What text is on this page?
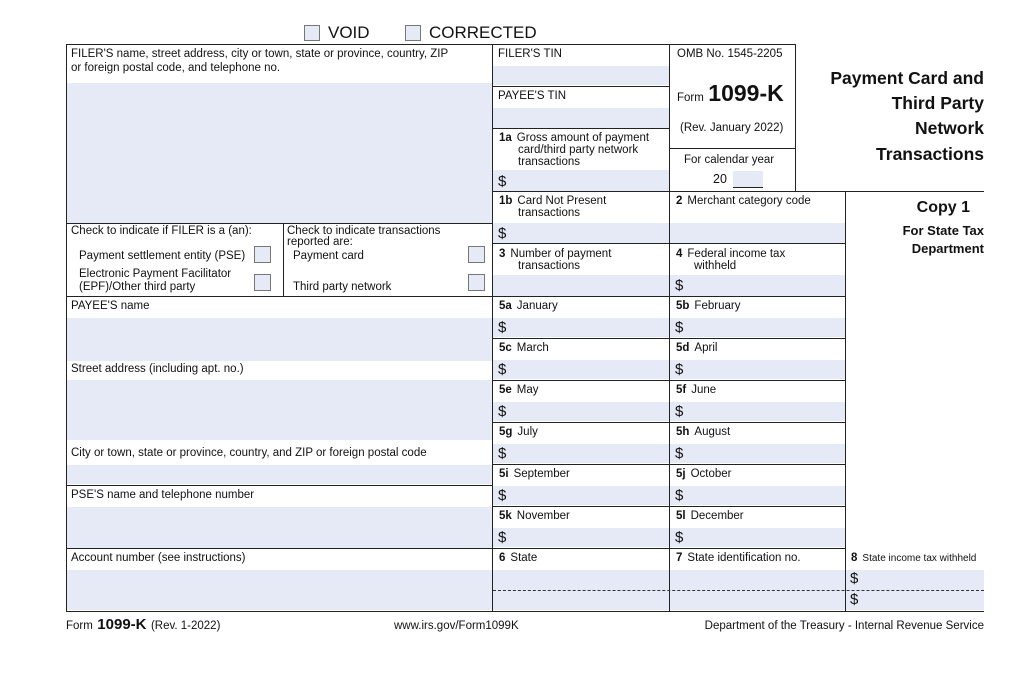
VOID	CORRECTED
FILER'S name, street address, city or town, state or province, country, ZIP
or foreign postal code, and telephone no.
FILER'S TIN
PAYEE'S TIN
Check to indicate if FILER is a (an):
Payment settlement entity (PSE)
Electronic Payment Facilitator
(EPF)/Other third party
Check to indicate transactions
reported are:
Payment card
Third party network
OMB No. 1545-2205
Form 1099-K
(Rev. January 2022)
For calendar year
20
Payment Card and
Third Party
Network
Transactions
Copy 1
For State Tax
Department
1a Gross amount of payment
card/third party network
transactions
$
1b Card Not Present
transactions
$
2 Merchant category code
3 Number of payment
transactions
4 Federal income tax
withheld
$
PAYEE'S name
Street address (including apt. no.)
City or town, state or province, country, and ZIP or foreign postal code
PSE'S name and telephone number
Account number (see instructions)
5a January
$
5b February
$
5c March
$
5d April
$
5e May
$
5f June
$
5g July
$
5h August
$
5i September
$
5j October
$
5k November
$
5l December
$
6 State	7 State identification no.	8 State income tax withheld
$
$
Form 1099-K (Rev. 1-2022)	www.irs.gov/Form1099K	Department of the Treasury - Internal Revenue Service
